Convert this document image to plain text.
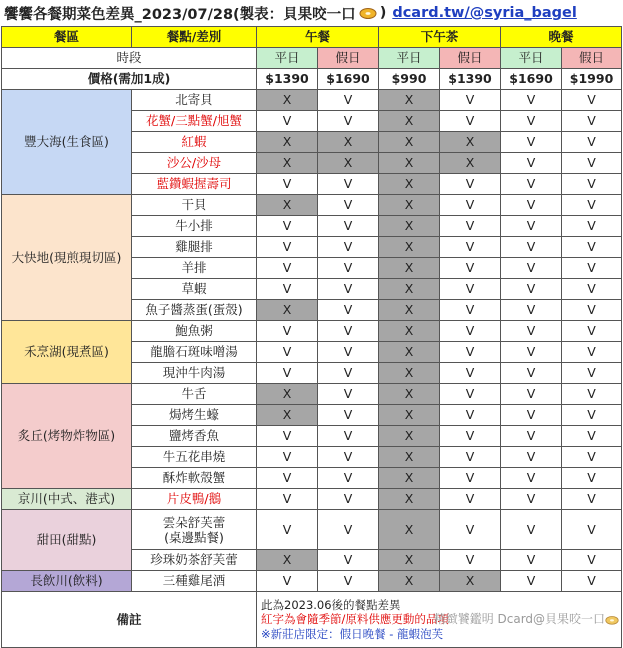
饗饗各餐期菜色差異_2023/07/28(製表：貝果咬一口 ) dcard.tw/@syria_bagel
餐區	餐點/差別	午餐		下午茶		晚餐	
時段		平日	假日	平日	假日	平日	假日
價格(需加1成)		$1390	$1690	$990	$1390	$1690	$1990
豐大海(生食區)	北寄貝	X	V	X	V	V	V
	花蟹/三點蟹/旭蟹	V	V	X	V	V	V
	紅蝦	X	X	X	X	V	V
	沙公/沙母	X	X	X	X	V	V
	藍鑽蝦握壽司	V	V	X	V	V	V
大快地(現煎現切區)	干貝	X	V	X	V	V	V
	牛小排	V	V	X	V	V	V
	雞腿排	V	V	X	V	V	V
	羊排	V	V	X	V	V	V
	草蝦	V	V	X	V	V	V
	魚子醬蒸蛋(蛋殼)	X	V	X	V	V	V
禾烹湖(現煮區)	鮑魚粥	V	V	X	V	V	V
	龍膽石斑味噌湯	V	V	X	V	V	V
	現沖牛肉湯	V	V	X	V	V	V
炙丘(烤物炸物區)	牛舌	X	V	X	V	V	V
	焗烤生蠔	X	V	X	V	V	V
	鹽烤香魚	V	V	X	V	V	V
	牛五花串燒	V	V	X	V	V	V
	酥炸軟殼蟹	V	V	X	V	V	V
京川(中式、港式)	片皮鴨/鵝	V	V	X	V	V	V
甜田(甜點)	雲朵舒芙蕾
(桌邊點餐)	V	V	X	V	V	V
	珍珠奶茶舒芙蕾	X	V	X	V	V	V
長飲川(飲料)	三種雞尾酒	V	V	X	X	V	V
備註		此為2023.06後的餐點差異
紅字為會隨季節/原料供應更動的品項
※新莊店限定：假日晚餐 - 龍蝦泡芙
精緻饕鑑明 Dcard@貝果咬一口					
